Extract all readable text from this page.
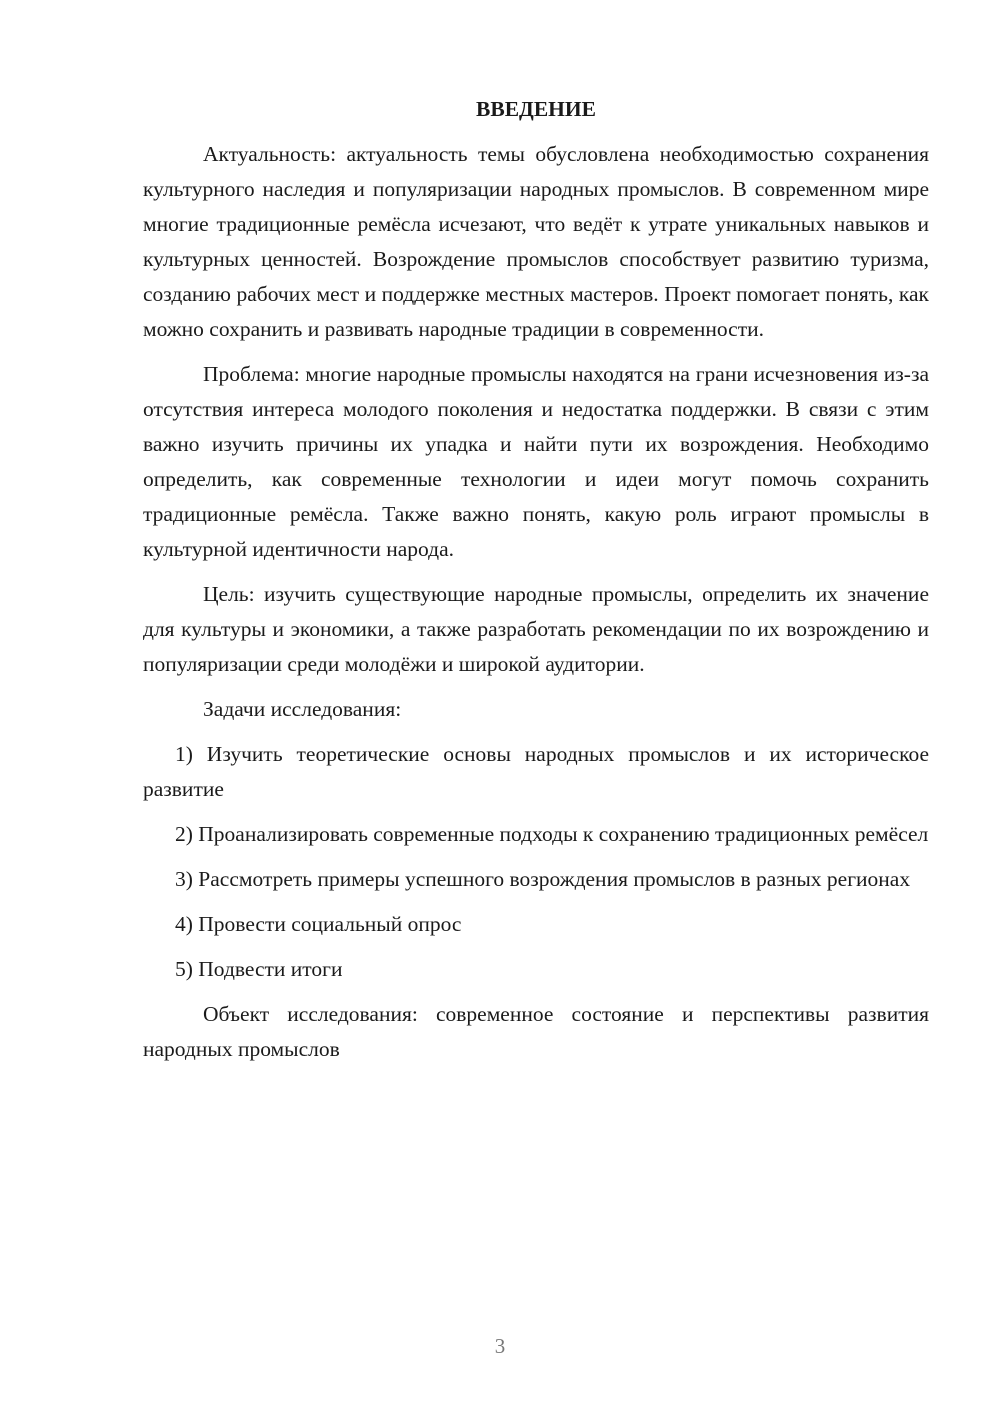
ВВЕДЕНИЕ

Актуальность: актуальность темы обусловлена необходимостью сохранения культурного наследия и популяризации народных промыслов. В современном мире многие традиционные ремёсла исчезают, что ведёт к утрате уникальных навыков и культурных ценностей. Возрождение промыслов способствует развитию туризма, созданию рабочих мест и поддержке местных мастеров. Проект помогает понять, как можно сохранить и развивать народные традиции в современности.

Проблема: многие народные промыслы находятся на грани исчезновения из-за отсутствия интереса молодого поколения и недостатка поддержки. В связи с этим важно изучить причины их упадка и найти пути их возрождения. Необходимо определить, как современные технологии и идеи могут помочь сохранить традиционные ремёсла. Также важно понять, какую роль играют промыслы в культурной идентичности народа.

Цель: изучить существующие народные промыслы, определить их значение для культуры и экономики, а также разработать рекомендации по их возрождению и популяризации среди молодёжи и широкой аудитории.

Задачи исследования:

1) Изучить теоретические основы народных промыслов и их историческое развитие

2) Проанализировать современные подходы к сохранению традиционных ремёсел

3) Рассмотреть примеры успешного возрождения промыслов в разных регионах

4) Провести социальный опрос

5) Подвести итоги

Объект исследования: современное состояние и перспективы развития народных промыслов

3
